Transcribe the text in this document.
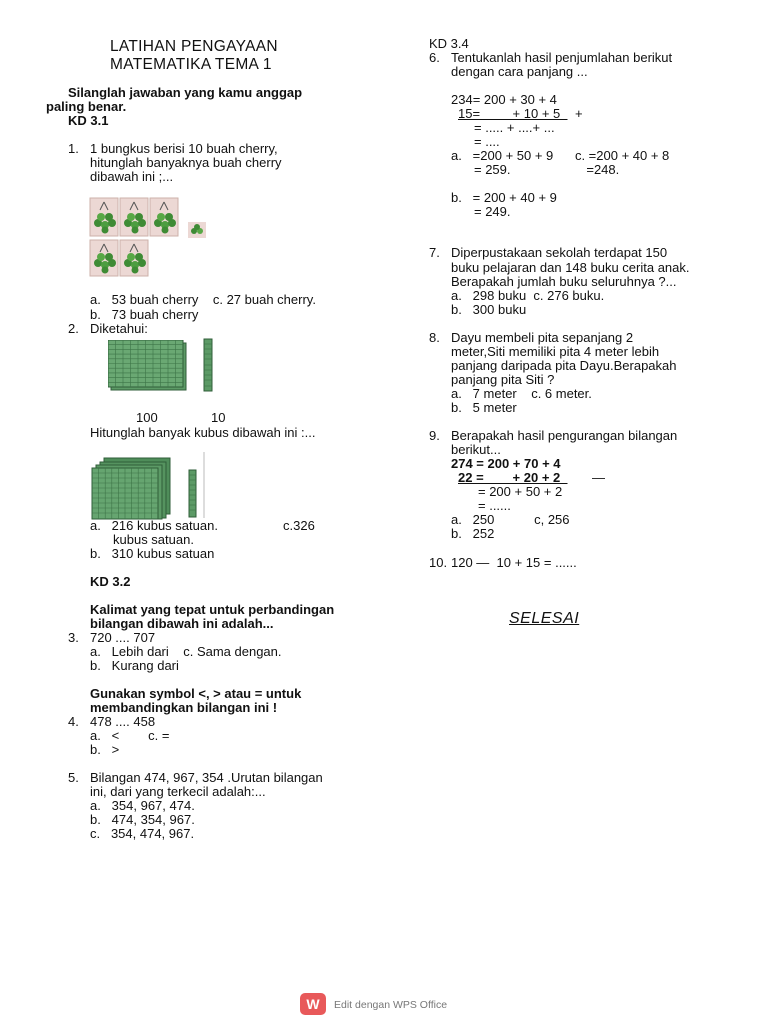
LATIHAN PENGAYAAN
MATEMATIKA TEMA 1
Silanglah jawaban yang kamu anggap
paling benar.
KD 3.1
1. 1 bungkus berisi 10 buah cherry,
hitunglah banyaknya buah cherry
dibawah ini ;...
a.   53 buah cherry    c. 27 buah cherry.
b.   73 buah cherry
2. Diketahui:
100	10
Hitunglah banyak kubus dibawah ini :...
a.   216 kubus satuan.	c.326
kubus satuan.
b.   310 kubus satuan
KD 3.2
Kalimat yang tepat untuk perbandingan
bilangan dibawah ini adalah...
3. 720 .... 707
a.   Lebih dari    c. Sama dengan.
b.   Kurang dari
Gunakan symbol <, > atau = untuk
membandingkan bilangan ini !
4. 478 .... 458
a.   <        c. =
b.   >
5. Bilangan 474, 967, 354 .Urutan bilangan
ini, dari yang terkecil adalah:...
a.   354, 967, 474.
b.   474, 354, 967.
c.   354, 474, 967.
KD 3.4
6. Tentukanlah hasil penjumlahan berikut
dengan cara panjang ...
234= 200 + 30 + 4
15=         + 10 + 5 +
= ..... + ....+ ...
= ....
a.   =200 + 50 + 9      c. =200 + 40 + 8
= 259.                     =248.
b.   = 200 + 40 + 9
= 249.
7. Diperpustakaan sekolah terdapat 150
buku pelajaran dan 148 buku cerita anak.
Berapakah jumlah buku seluruhnya ?...
a.   298 buku  c. 276 buku.
b.   300 buku
8. Dayu membeli pita sepanjang 2
meter,Siti memiliki pita 4 meter lebih
panjang daripada pita Dayu.Berapakah
panjang pita Siti ?
a.   7 meter    c. 6 meter.
b.   5 meter
9. Berapakah hasil pengurangan bilangan
berikut...
274 = 200 + 70 + 4
22 =        + 20 + 2 —
= 200 + 50 + 2
= ......
a.   250           c, 256
b.   252
10. 120 —  10 + 15 = ......
SELESAI
W	Edit dengan WPS Office
